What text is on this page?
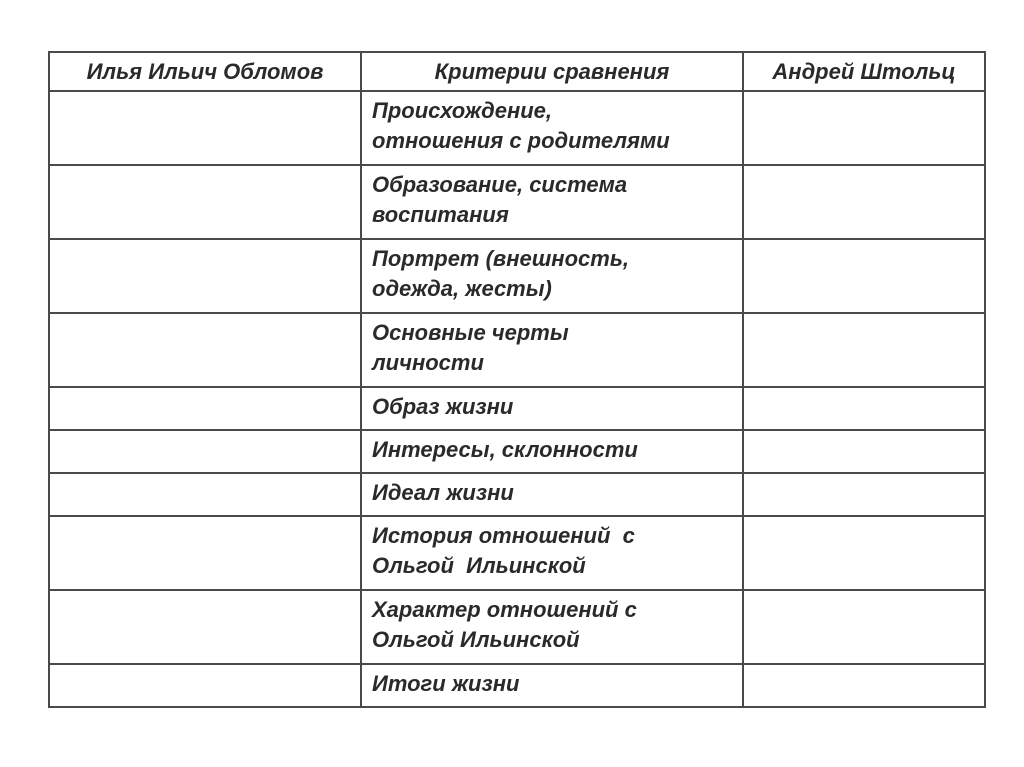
Илья Ильич Обломов	Критерии сравнения	Андрей Штольц

	Происхождение,
отношения с родителями	

	Образование, система
воспитания	

	Портрет (внешность,
одежда, жесты)	

	Основные черты
личности	

	Образ жизни	

	Интересы, склонности	

	Идеал жизни	

	История отношений  с
Ольгой  Ильинской	

	Характер отношений с
Ольгой Ильинской	

	Итоги жизни	
